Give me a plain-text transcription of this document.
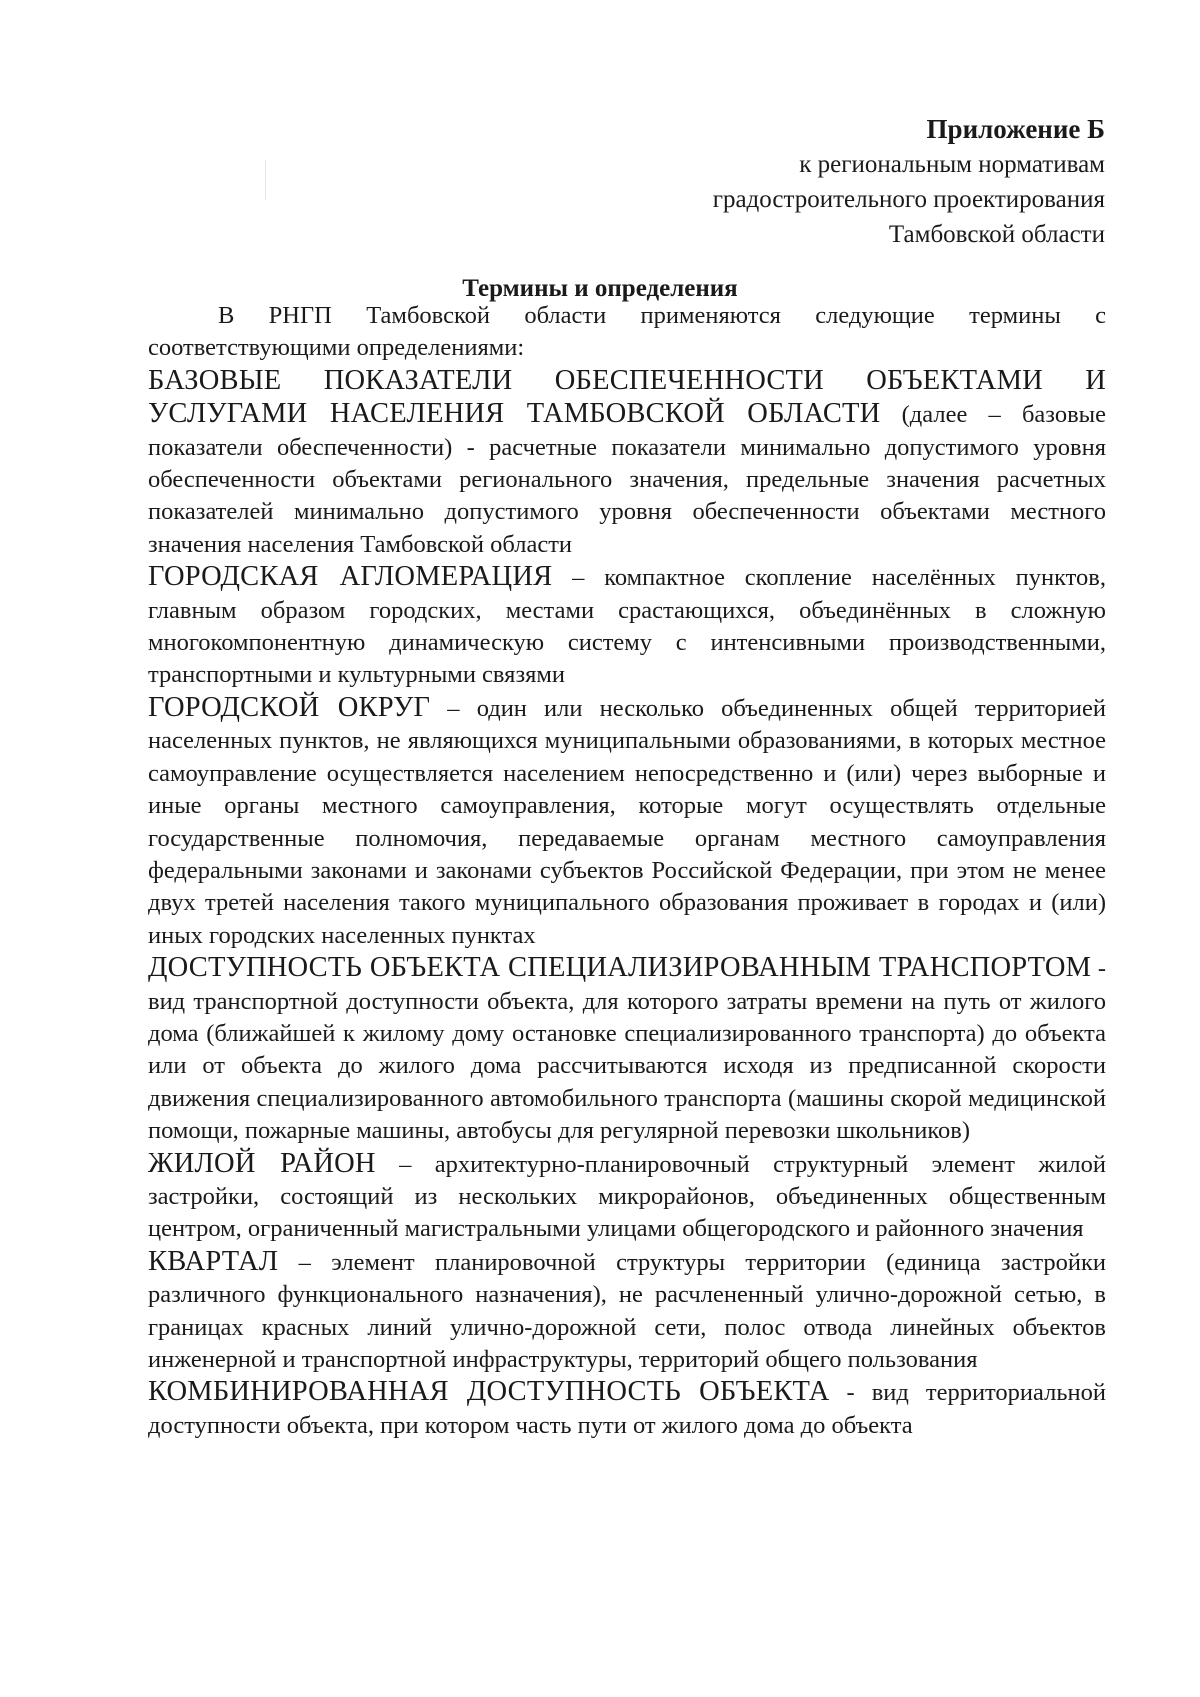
Приложение Б
к региональным нормативам
градостроительного проектирования
Тамбовской области
Термины и определения

В РНГП Тамбовской области применяются следующие термины с соответствующими определениями:

БАЗОВЫЕ ПОКАЗАТЕЛИ ОБЕСПЕЧЕННОСТИ ОБЪЕКТАМИ И УСЛУГАМИ НАСЕЛЕНИЯ ТАМБОВСКОЙ ОБЛАСТИ (далее – базовые показатели обеспеченности) - расчетные показатели минимально допустимого уровня обеспеченности объектами регионального значения, предельные значения расчетных показателей минимально допустимого уровня обеспеченности объектами местного значения населения Тамбовской области

ГОРОДСКАЯ АГЛОМЕРАЦИЯ – компактное скопление населённых пунктов, главным образом городских, местами срастающихся, объединённых в сложную многокомпонентную динамическую систему с интенсивными производственными, транспортными и культурными связями

ГОРОДСКОЙ ОКРУГ – один или несколько объединенных общей территорией населенных пунктов, не являющихся муниципальными образованиями, в которых местное самоуправление осуществляется населением непосредственно и (или) через выборные и иные органы местного самоуправления, которые могут осуществлять отдельные государственные полномочия, передаваемые органам местного самоуправления федеральными законами и законами субъектов Российской Федерации, при этом не менее двух третей населения такого муниципального образования проживает в городах и (или) иных городских населенных пунктах

ДОСТУПНОСТЬ ОБЪЕКТА СПЕЦИАЛИЗИРОВАННЫМ ТРАНСПОРТОМ - вид транспортной доступности объекта, для которого затраты времени на путь от жилого дома (ближайшей к жилому дому остановке специализированного транспорта) до объекта или от объекта до жилого дома рассчитываются исходя из предписанной скорости движения специализированного автомобильного транспорта (машины скорой медицинской помощи, пожарные машины, автобусы для регулярной перевозки школьников)

ЖИЛОЙ РАЙОН – архитектурно-планировочный структурный элемент жилой застройки, состоящий из нескольких микрорайонов, объединенных общественным центром, ограниченный магистральными улицами общегородского и районного значения

КВАРТАЛ – элемент планировочной структуры территории (единица застройки различного функционального назначения), не расчлененный улично-дорожной сетью, в границах красных линий улично-дорожной сети, полос отвода линейных объектов инженерной и транспортной инфраструктуры, территорий общего пользования

КОМБИНИРОВАННАЯ ДОСТУПНОСТЬ ОБЪЕКТА - вид территориальной доступности объекта, при котором часть пути от жилого дома до объекта
